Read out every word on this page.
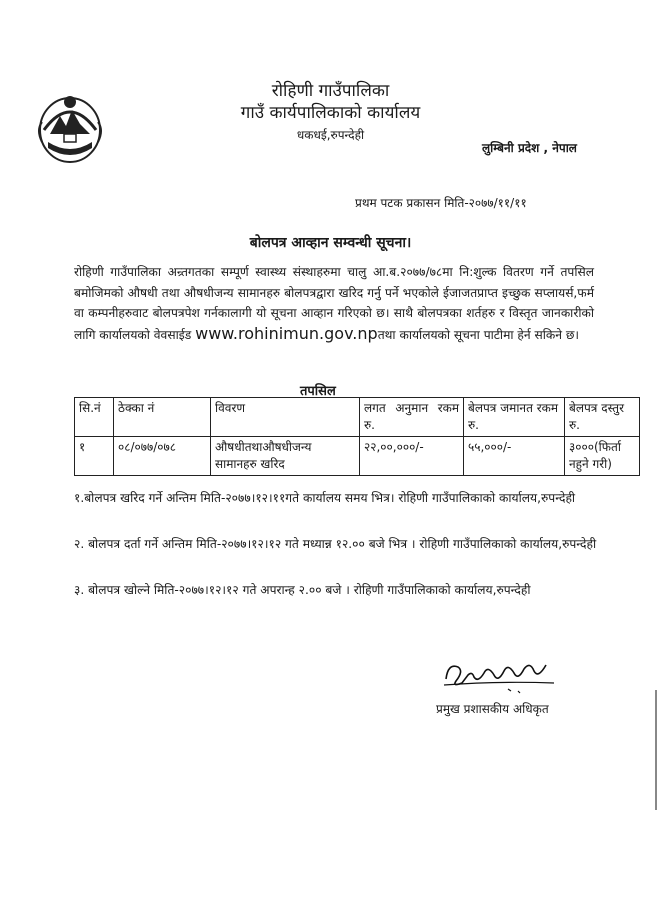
रोहिणी गाउँपालिका
गाउँ कार्यपालिकाको कार्यालय
धकधई,रुपन्देही
लुम्बिनी प्रदेश , नेपाल
प्रथम पटक प्रकासन मिति-२०७७/११/११
बोलपत्र आव्हान सम्वन्धी सूचना।
रोहिणी गाउँपालिका अन्र्तगतका सम्पूर्ण स्वास्थ्य संस्थाहरुमा चालु आ.ब.२०७७/७८मा नि:शुल्क वितरण गर्ने तपसिल बमोजिमको औषधी तथा औषधीजन्य सामानहरु बोलपत्रद्वारा खरिद गर्नु पर्ने भएकोले ईजाजतप्राप्त इच्छुक सप्लायर्स,फर्म वा कम्पनीहरुवाट बोलपत्रपेश गर्नकालागी यो सूचना आव्हान गरिएको छ। साथै बोलपत्रका शर्तहरु र विस्तृत जानकारीको लागि कार्यालयको वेवसाईड www.rohinimun.gov.npतथा कार्यालयको सूचना पाटीमा हेर्न सकिने छ।
तपसिल
सि.नं	ठेक्का नं	विवरण	लगत अनुमान रकम रु.	बेलपत्र जमानत रकम रु.	बेलपत्र दस्तुर रु.
१	०८/०७७/०७८	औषधीतथाऔषधीजन्य सामानहरु खरिद	२२,००,०००/-	५५,०००/-	३०००(फिर्ता नहुने गरी)
१.बोलपत्र खरिद गर्ने अन्तिम मिति-२०७७।१२।११गते कार्यालय समय भित्र। रोहिणी गाउँपालिकाको कार्यालय,रुपन्देही
२. बोलपत्र दर्ता गर्ने अन्तिम मिति-२०७७।१२।१२ गते मध्यान्न १२.०० बजे भित्र । रोहिणी गाउँपालिकाको कार्यालय,रुपन्देही
३. बोलपत्र खोल्ने मिति-२०७७।१२।१२ गते अपरान्ह २.०० बजे । रोहिणी गाउँपालिकाको कार्यालय,रुपन्देही
प्रमुख प्रशासकीय अधिकृत
